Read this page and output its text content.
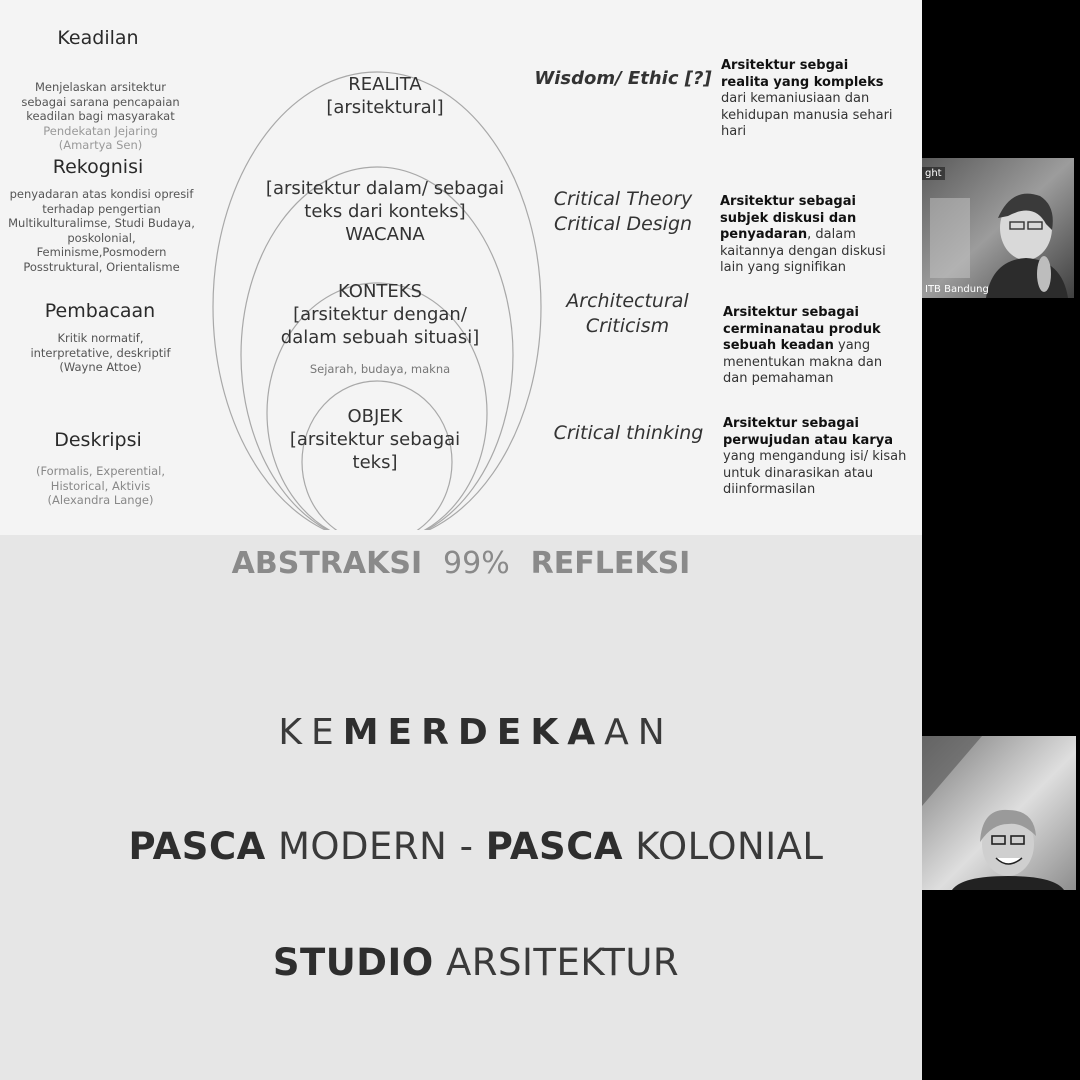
Keadilan
Menjelaskan arsitektur
sebagai sarana pencapaian
keadilan bagi masyarakat
Pendekatan Jejaring
(Amartya Sen)
Rekognisi
penyadaran atas kondisi opresif
terhadap pengertian
Multikulturalimse, Studi Budaya,
poskolonial,
Feminisme,Posmodern
Posstruktural, Orientalisme
Pembacaan
Kritik normatif,
interpretative, deskriptif
(Wayne Attoe)
Deskripsi
(Formalis, Experential,
Historical, Aktivis
(Alexandra Lange)
REALITA
[arsitektural]
[arsitektur dalam/ sebagai
teks dari konteks]
WACANA
KONTEKS
[arsitektur dengan/
dalam sebuah situasi]
Sejarah, budaya, makna
OBJEK
[arsitektur sebagai
teks]
Wisdom/ Ethic [?]
Critical Theory
Critical Design
Architectural
Criticism
Critical thinking
Arsitektur sebgai realita yang kompleks dari kemaniusiaan dan kehidupan manusia sehari hari
Arsitektur sebagai subjek diskusi dan penyadaran, dalam kaitannya dengan diskusi lain yang signifikan
Arsitektur sebagai cerminanatau produk sebuah keadan yang menentukan makna dan dan pemahaman
Arsitektur sebagai perwujudan atau karya yang mengandung isi/ kisah untuk dinarasikan atau diinformasilan
ABSTRAKSI 99% REFLEKSI
KEMERDEKAAN
PASCA MODERN - PASCA KOLONIAL
STUDIO ARSITEKTUR
ght
ITB Bandung
